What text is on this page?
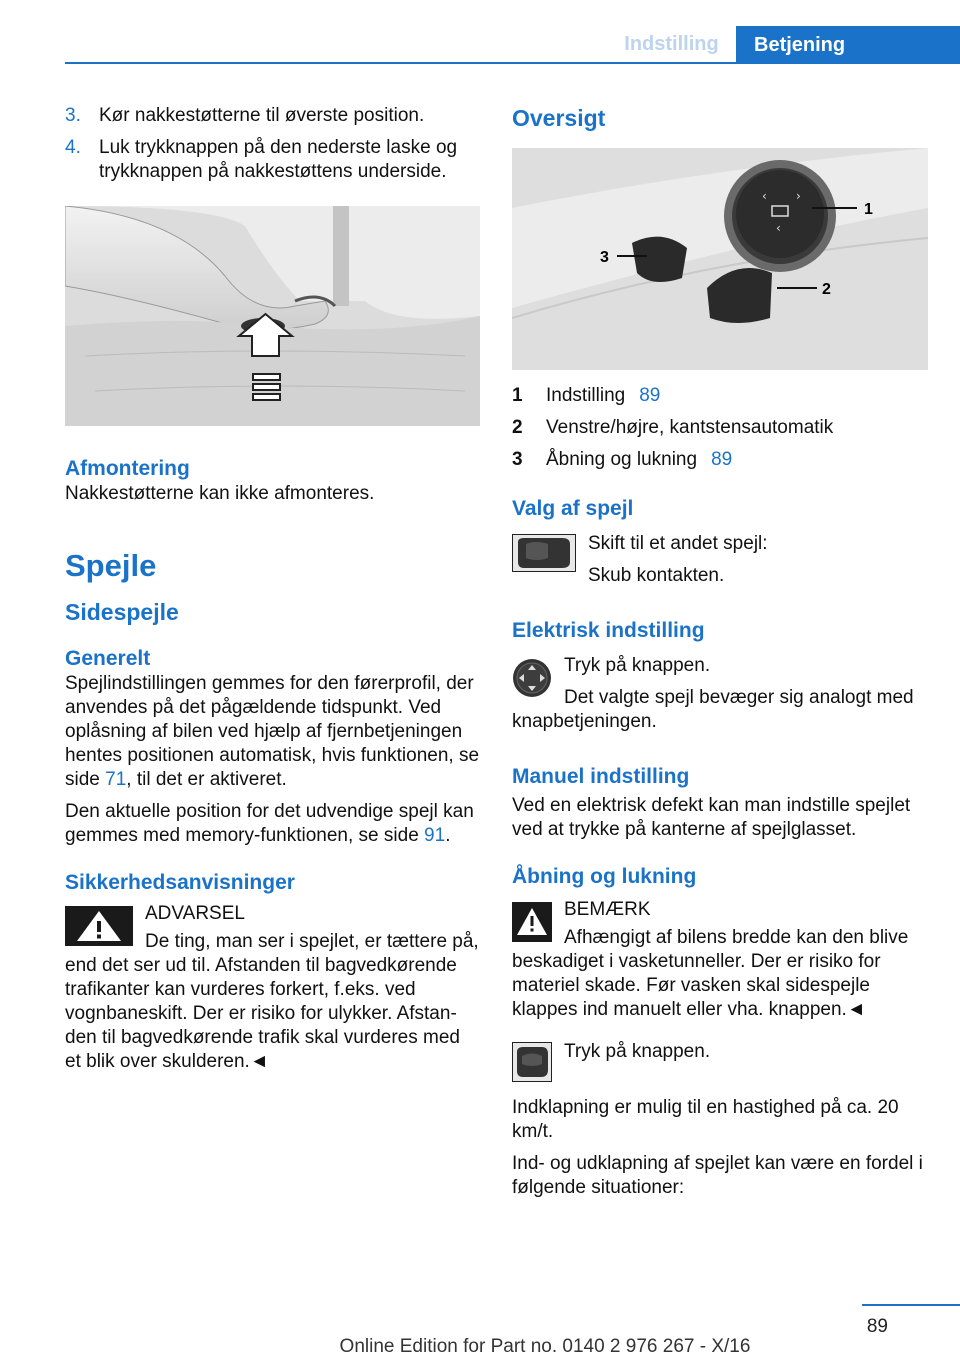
Indstilling	Betjening
3. Kør nakkestøtterne til øverste position.
4. Luk trykknappen på den nederste laske og trykknappen på nakkestøttens underside.
Afmontering

Nakkestøtterne kan ikke afmonteres.

Spejle
Sidespejle
Generelt

Spejlindstillingen gemmes for den førerprofil, der anvendes på det pågældende tidspunkt. Ved oplåsning af bilen ved hjælp af fjernbetjeningen hentes positionen automatisk, hvis funktionen, se side 71, til det er aktiveret.

Den aktuelle position for det udvendige spejl kan gemmes med memory-funktionen, se side 91.

Sikkerhedsanvisninger

ADVARSEL

De ting, man ser i spejlet, er tættere på, end det ser ud til. Afstanden til bagvedkørende trafikanter kan vurderes forkert, f.eks. ved vognbaneskift. Der er risiko for ulykker. Afstanden til bagvedkørende trafik skal vurderes med et blik over skulderen.◄

Oversigt
‹ ›
‹
1
2
3
1	Indstilling 89
2	Venstre/højre, kantstensautomatik
3	Åbning og lukning 89
Valg af spejl

Skift til et andet spejl:

Skub kontakten.

Elektrisk indstilling

Tryk på knappen.

Det valgte spejl bevæger sig analogt med knapbetjeningen.

Manuel indstilling

Ved en elektrisk defekt kan man indstille spejlet ved at trykke på kanterne af spejlglasset.

Åbning og lukning

BEMÆRK

Afhængigt af bilens bredde kan den blive beskadiget i vasketunneller. Der er risiko for materiel skade. Før vasken skal sidespejle klappes ind manuelt eller vha. knappen.◄

Tryk på knappen.

Indklapning er mulig til en hastighed på ca. 20 km/t.

Ind- og udklapning af spejlet kan være en fordel i følgende situationer:

89
Online Edition for Part no. 0140 2 976 267 - X/16
